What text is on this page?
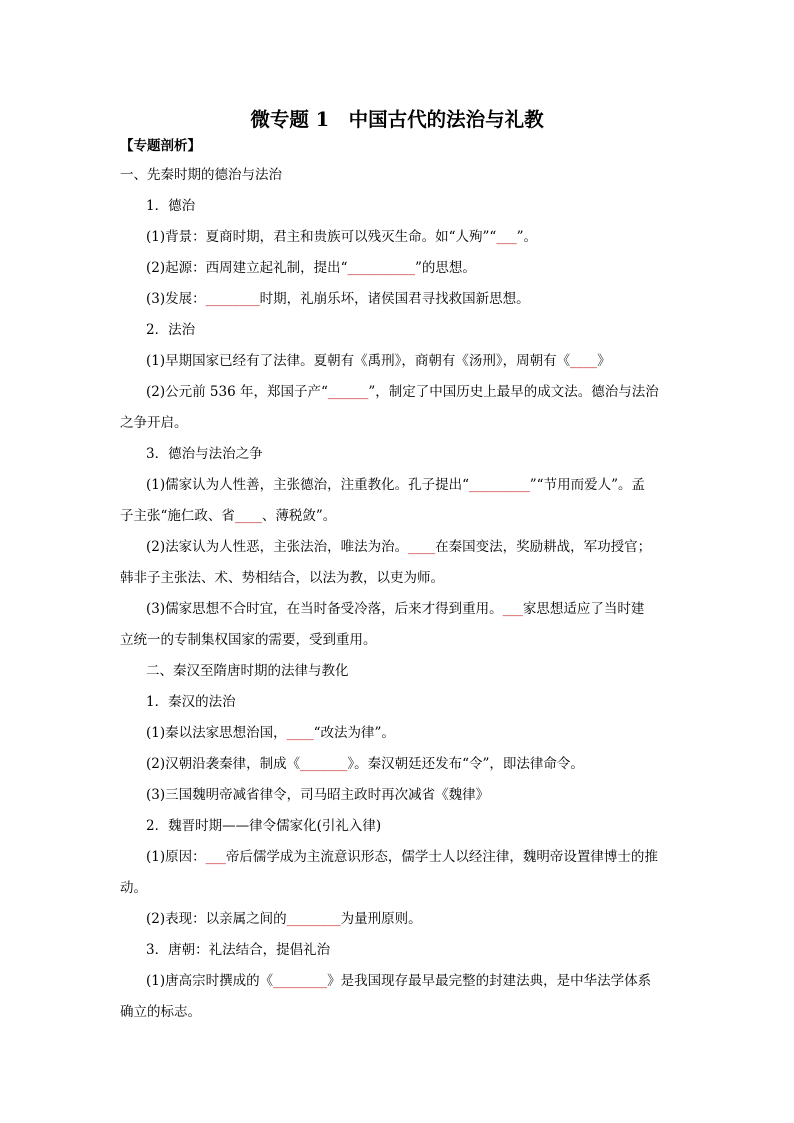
微专题 1　中国古代的法治与礼教
【专题剖析】
一、先秦时期的德治与法治
1．德治
(1)背景：夏商时期，君主和贵族可以残灭生命。如“人殉”“___”。
(2)起源：西周建立起礼制，提出“__________”的思想。
(3)发展：________时期，礼崩乐坏，诸侯国君寻找救国新思想。
2．法治
(1)早期国家已经有了法律。夏朝有《禹刑》，商朝有《汤刑》，周朝有《____》
(2)公元前 536 年，郑国子产“______”，制定了中国历史上最早的成文法。德治与法治
之争开启。
3．德治与法治之争
(1)儒家认为人性善，主张德治，注重教化。孔子提出“_________”“节用而爱人”。孟
子主张“施仁政、省____、薄税敛”。
(2)法家认为人性恶，主张法治，唯法为治。____在秦国变法，奖励耕战，军功授官；
韩非子主张法、术、势相结合，以法为教，以吏为师。
(3)儒家思想不合时宜，在当时备受冷落，后来才得到重用。___家思想适应了当时建
立统一的专制集权国家的需要，受到重用。
二、秦汉至隋唐时期的法律与教化
1．秦汉的法治
(1)秦以法家思想治国，____“改法为律”。
(2)汉朝沿袭秦律，制成《_______》。秦汉朝廷还发布“令”，即法律命令。
(3)三国魏明帝减省律令，司马昭主政时再次减省《魏律》
2．魏晋时期——律令儒家化(引礼入律)
(1)原因：___帝后儒学成为主流意识形态，儒学士人以经注律，魏明帝设置律博士的推
动。
(2)表现：以亲属之间的________为量刑原则。
3．唐朝：礼法结合，提倡礼治
(1)唐高宗时撰成的《________》是我国现存最早最完整的封建法典，是中华法学体系
确立的标志。
